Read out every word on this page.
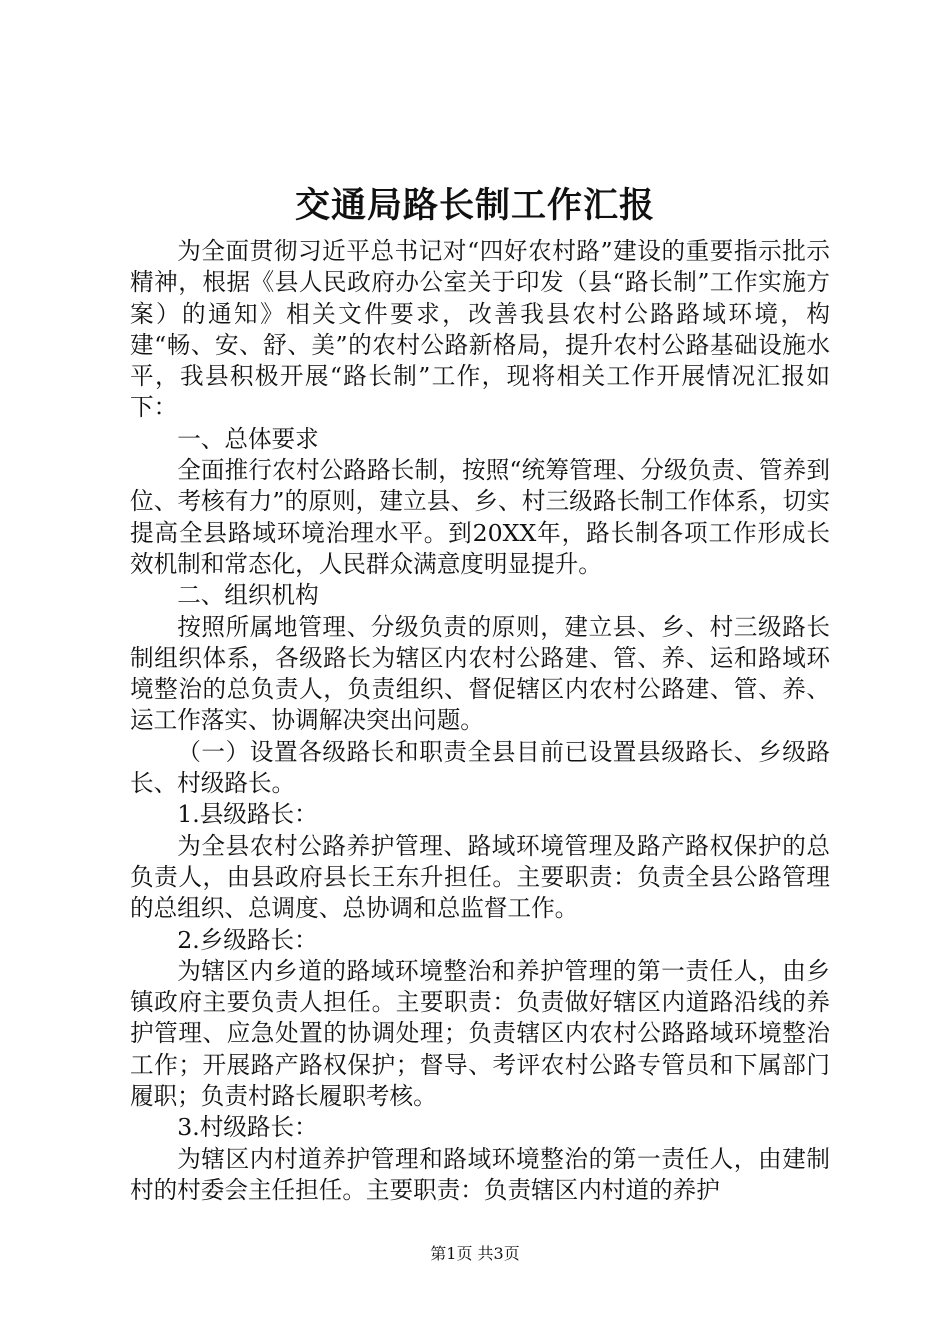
交通局路长制工作汇报

为全面贯彻习近平总书记对“四好农村路”建设的重要指示批示精神，根据《县人民政府办公室关于印发（县“路长制”工作实施方案）的通知》相关文件要求，改善我县农村公路路域环境，构建“畅、安、舒、美”的农村公路新格局，提升农村公路基础设施水平，我县积极开展“路长制”工作，现将相关工作开展情况汇报如下：

一、总体要求

全面推行农村公路路长制，按照“统筹管理、分级负责、管养到位、考核有力”的原则，建立县、乡、村三级路长制工作体系，切实提高全县路域环境治理水平。到20XX年，路长制各项工作形成长效机制和常态化，人民群众满意度明显提升。

二、组织机构

按照所属地管理、分级负责的原则，建立县、乡、村三级路长制组织体系，各级路长为辖区内农村公路建、管、养、运和路域环境整治的总负责人，负责组织、督促辖区内农村公路建、管、养、运工作落实、协调解决突出问题。

（一）设置各级路长和职责全县目前已设置县级路长、乡级路长、村级路长。

1.县级路长：

为全县农村公路养护管理、路域环境管理及路产路权保护的总负责人，由县政府县长王东升担任。主要职责：负责全县公路管理的总组织、总调度、总协调和总监督工作。

2.乡级路长：

为辖区内乡道的路域环境整治和养护管理的第一责任人，由乡镇政府主要负责人担任。主要职责：负责做好辖区内道路沿线的养护管理、应急处置的协调处理；负责辖区内农村公路路域环境整治工作；开展路产路权保护；督导、考评农村公路专管员和下属部门履职；负责村路长履职考核。

3.村级路长：

为辖区内村道养护管理和路域环境整治的第一责任人，由建制村的村委会主任担任。主要职责：负责辖区内村道的养护

第1页 共3页
